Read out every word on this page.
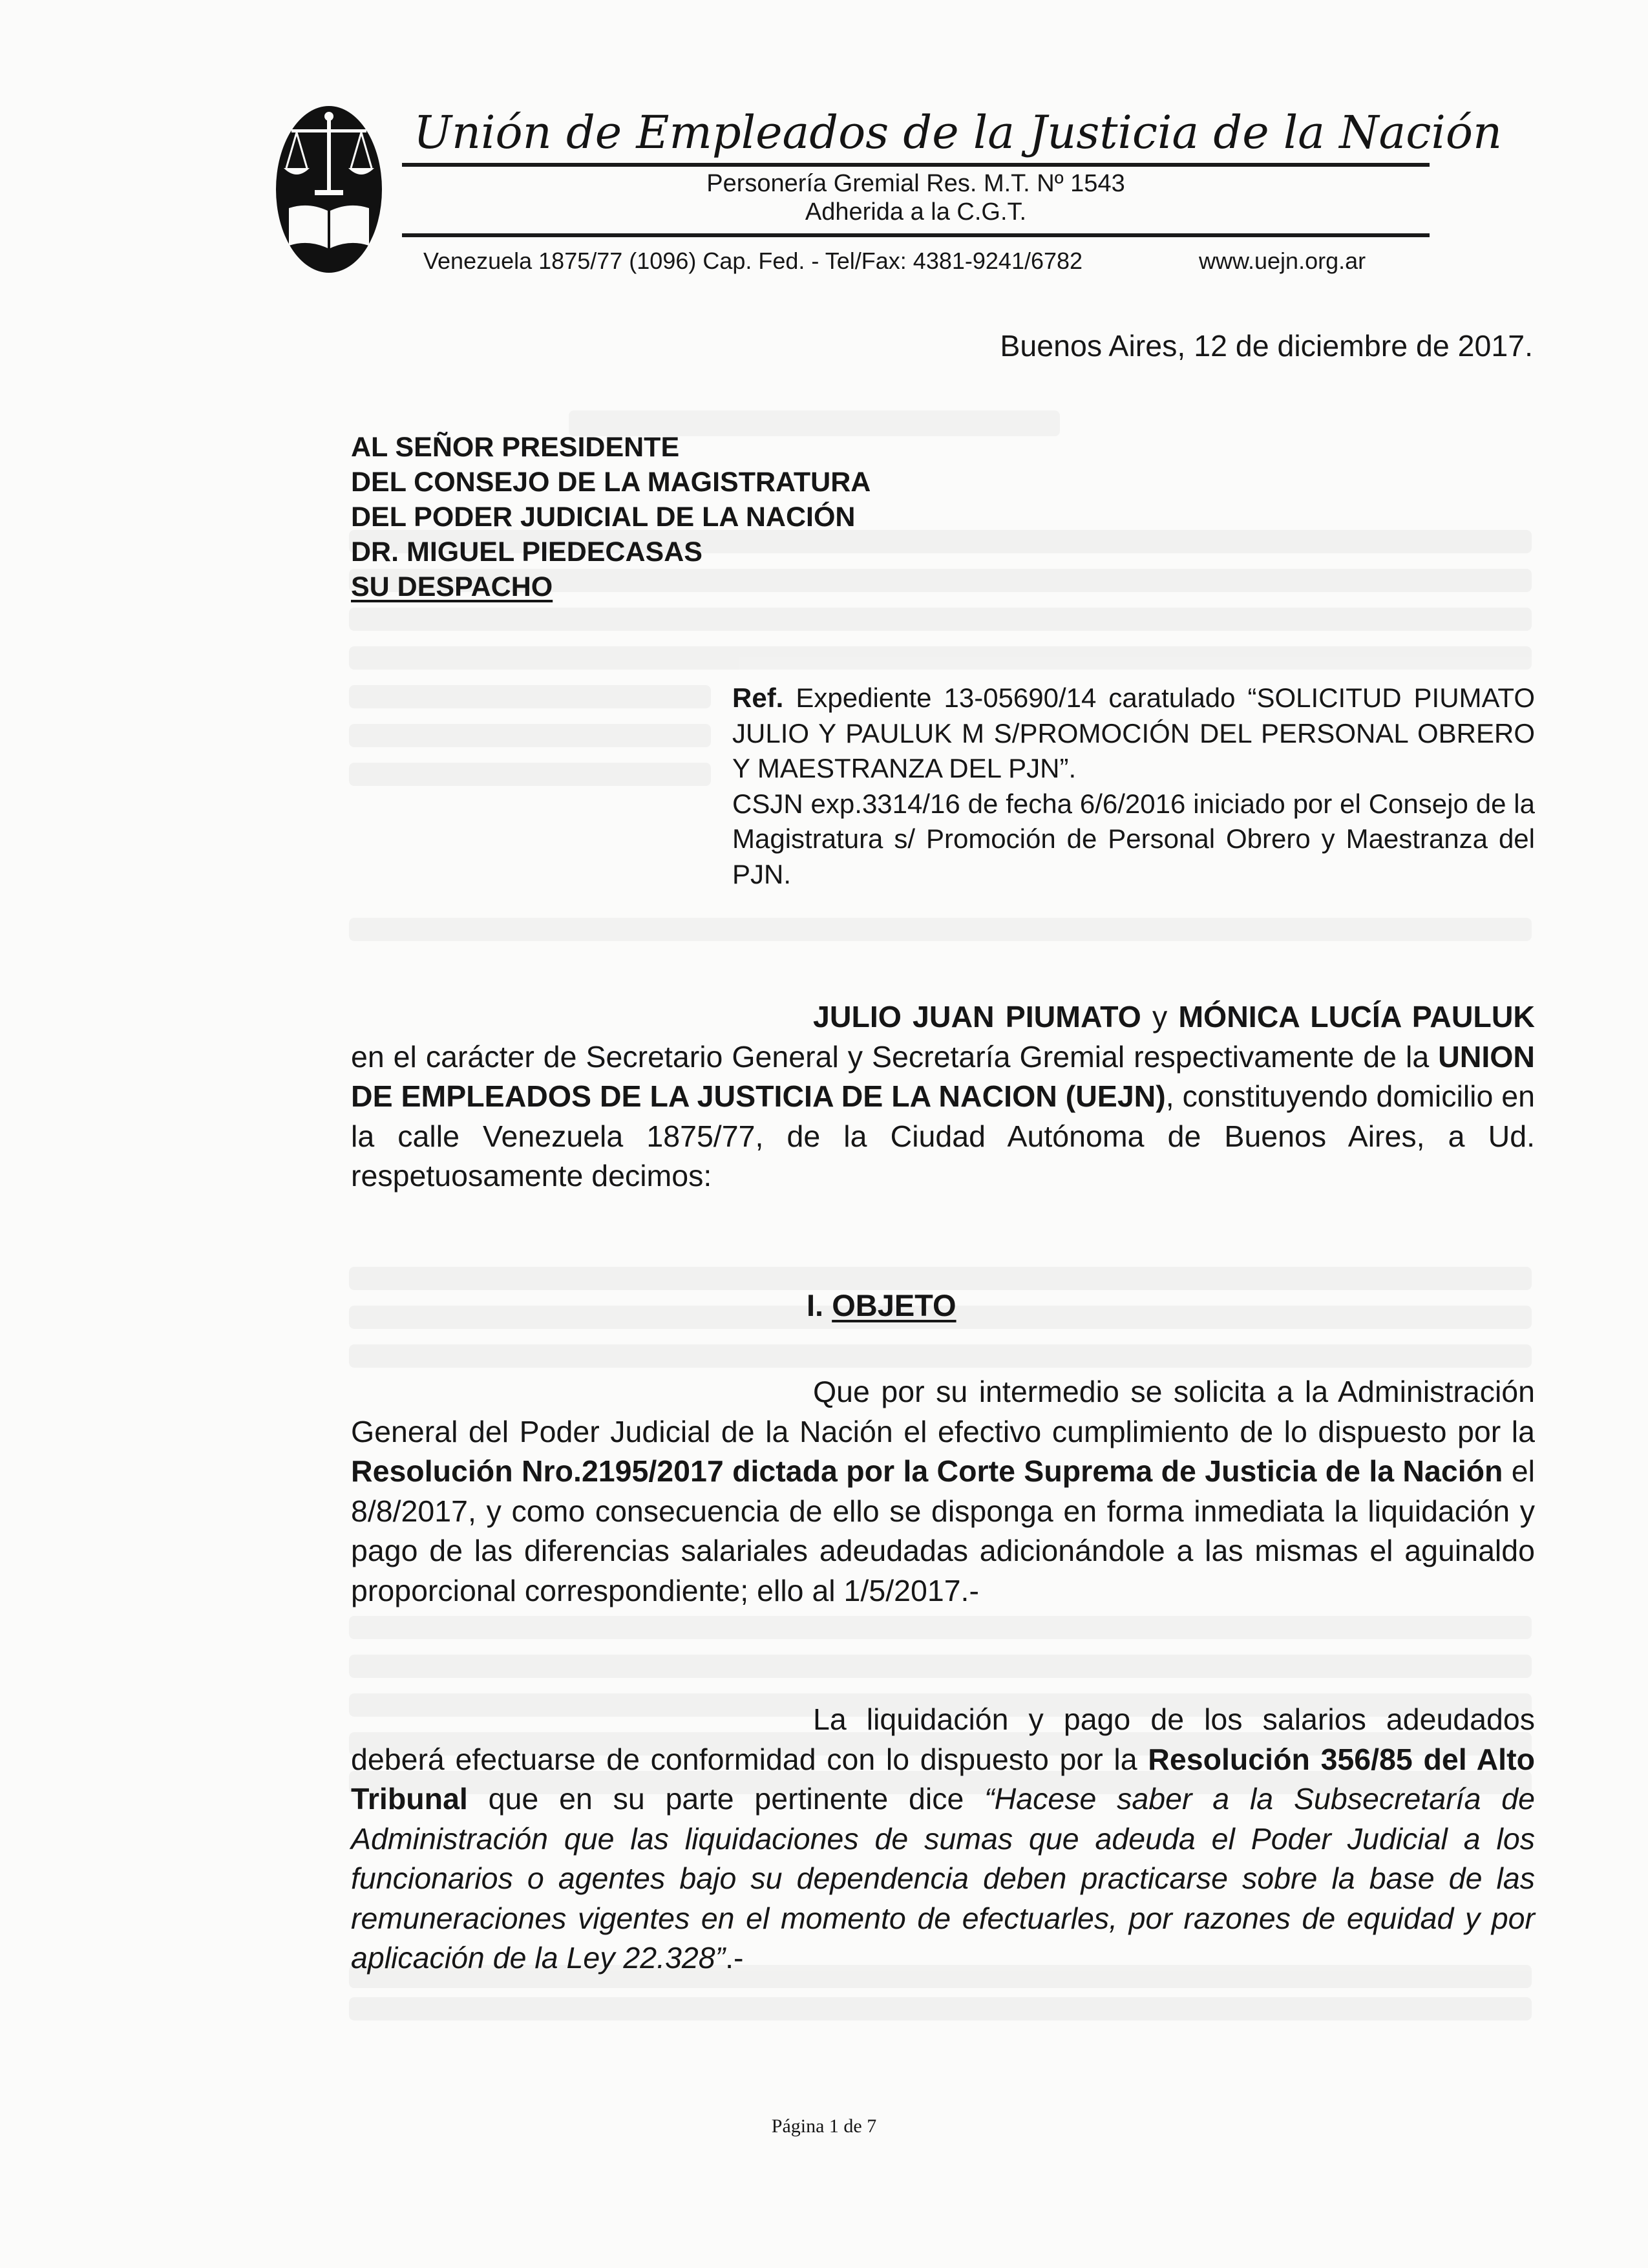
Unión de Empleados de la Justicia de la Nación
Personería Gremial Res. M.T. Nº 1543
Adherida a la C.G.T.
Venezuela 1875/77 (1096) Cap. Fed. - Tel/Fax: 4381-9241/6782	www.uejn.org.ar
Buenos Aires, 12 de diciembre de 2017.
AL SEÑOR PRESIDENTE
DEL CONSEJO DE LA MAGISTRATURA
DEL PODER JUDICIAL DE LA NACIÓN
DR. MIGUEL PIEDECASAS
SU DESPACHO
Ref. Expediente 13-05690/14 caratulado “SOLICITUD PIUMATO JULIO Y PAULUK M S/PROMOCIÓN DEL PERSONAL OBRERO Y MAESTRANZA DEL PJN”.
CSJN exp.3314/16 de fecha 6/6/2016 iniciado por el Consejo de la Magistratura s/ Promoción de Personal Obrero y Maestranza del PJN.
JULIO JUAN PIUMATO y MÓNICA LUCÍA PAULUK en el carácter de Secretario General y Secretaría Gremial respectivamente de la UNION DE EMPLEADOS DE LA JUSTICIA DE LA NACION (UEJN), constituyendo domicilio en la calle Venezuela 1875/77, de la Ciudad Autónoma de Buenos Aires, a Ud. respetuosamente decimos:
I. OBJETO
Que por su intermedio se solicita a la Administración General del Poder Judicial de la Nación el efectivo cumplimiento de lo dispuesto por la Resolución Nro.2195/2017 dictada por la Corte Suprema de Justicia de la Nación el 8/8/2017, y como consecuencia de ello se disponga en forma inmediata la liquidación y pago de las diferencias salariales adeudadas adicionándole a las mismas el aguinaldo proporcional correspondiente; ello al 1/5/2017.-
La liquidación y pago de los salarios adeudados deberá efectuarse de conformidad con lo dispuesto por la Resolución 356/85 del Alto Tribunal que en su parte pertinente dice “Hacese saber a la Subsecretaría de Administración que las liquidaciones de sumas que adeuda el Poder Judicial a los funcionarios o agentes bajo su dependencia deben practicarse sobre la base de las remuneraciones vigentes en el momento de efectuarles, por razones de equidad y por aplicación de la Ley 22.328”.-
Página 1 de 7
